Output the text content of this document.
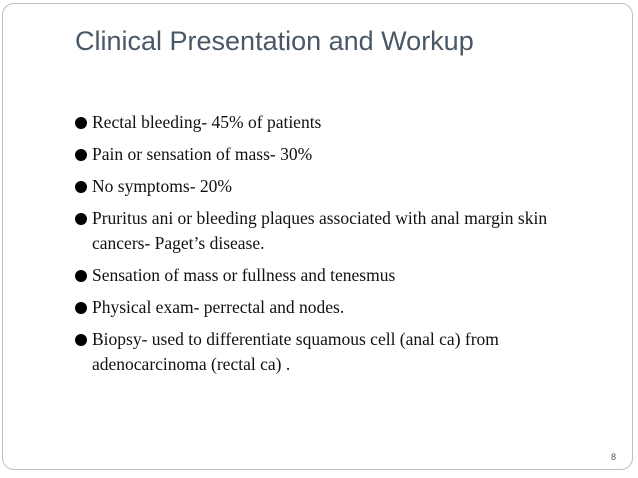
Clinical Presentation and Workup
Rectal bleeding- 45% of patients
Pain or sensation of mass- 30%
No symptoms- 20%
Pruritus ani or bleeding plaques associated with anal margin skin cancers- Paget’s disease.
Sensation of mass or fullness and tenesmus
Physical exam- perrectal and nodes.
Biopsy- used to differentiate squamous cell (anal ca) from adenocarcinoma (rectal ca) .
8
